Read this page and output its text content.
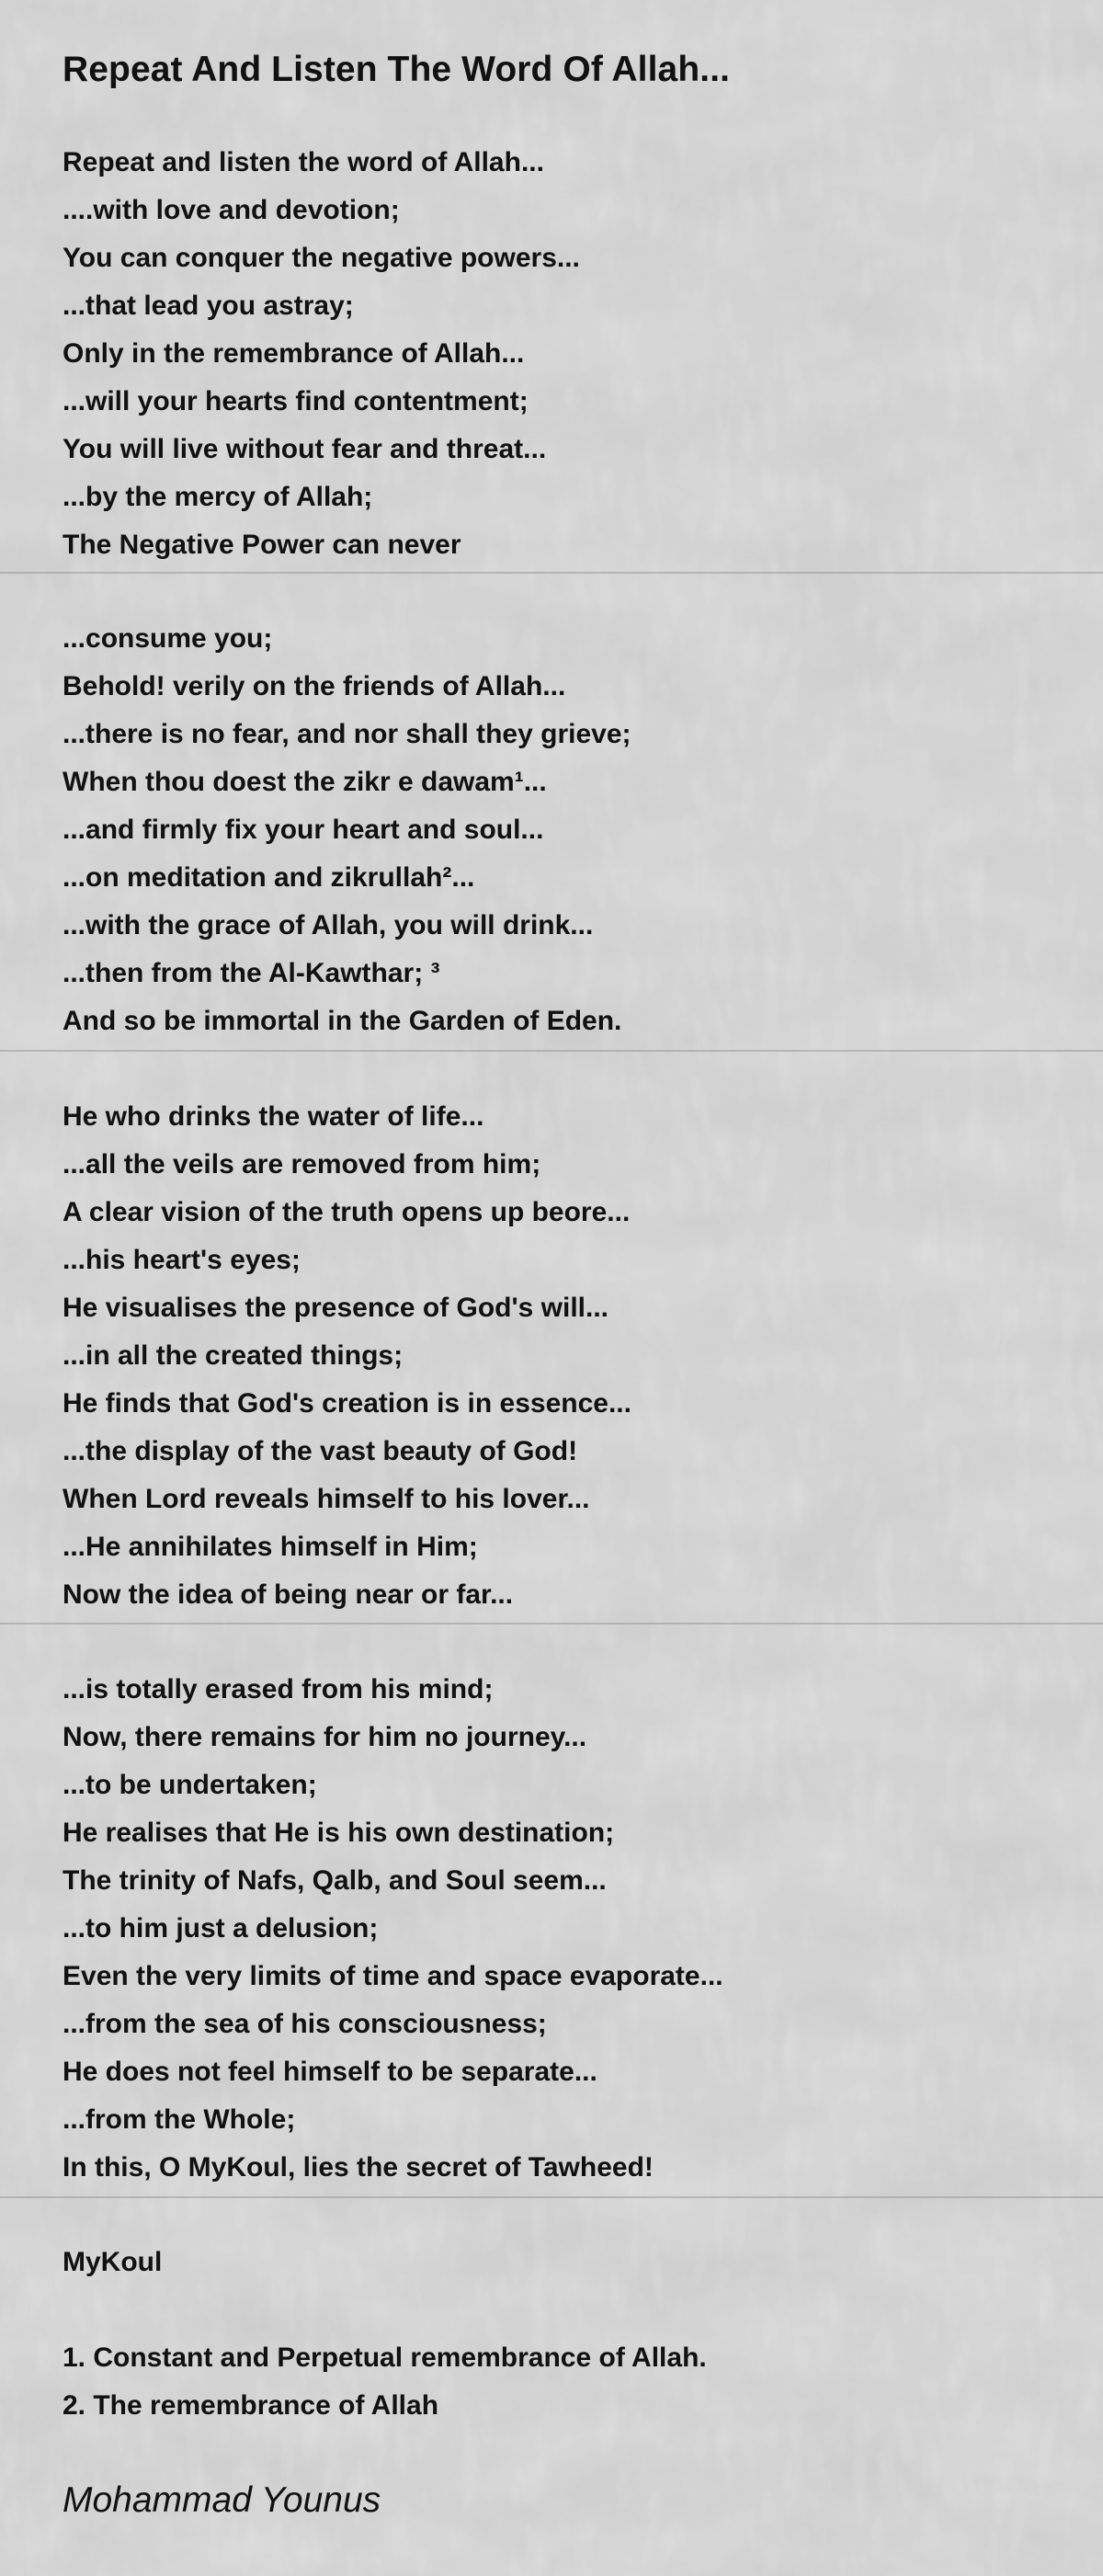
Repeat And Listen The Word Of Allah...
Repeat and listen the word of Allah...
....with love and devotion;
You can conquer the negative powers...
...that lead you astray;
Only in the remembrance of Allah...
...will your hearts find contentment;
You will live without fear and threat...
...by the mercy of Allah;
The Negative Power can never
...consume you;
Behold! verily on the friends of Allah...
...there is no fear, and nor shall they grieve;
When thou doest the zikr e dawam¹...
...and firmly fix your heart and soul...
...on meditation and zikrullah²...
...with the grace of Allah, you will drink...
...then from the Al-Kawthar; ³
And so be immortal in the Garden of Eden.
He who drinks the water of life...
...all the veils are removed from him;
A clear vision of the truth opens up beore...
...his heart's eyes;
He visualises the presence of God's will...
...in all the created things;
He finds that God's creation is in essence...
...the display of the vast beauty of God!
When Lord reveals himself to his lover...
...He annihilates himself in Him;
Now the idea of being near or far...
...is totally erased from his mind;
Now, there remains for him no journey...
...to be undertaken;
He realises that He is his own destination;
The trinity of Nafs, Qalb, and Soul seem...
...to him just a delusion;
Even the very limits of time and space evaporate...
...from the sea of his consciousness;
He does not feel himself to be separate...
...from the Whole;
In this, O MyKoul, lies the secret of Tawheed!
MyKoul
1. Constant and Perpetual remembrance of Allah.
2. The remembrance of Allah
Mohammad Younus
